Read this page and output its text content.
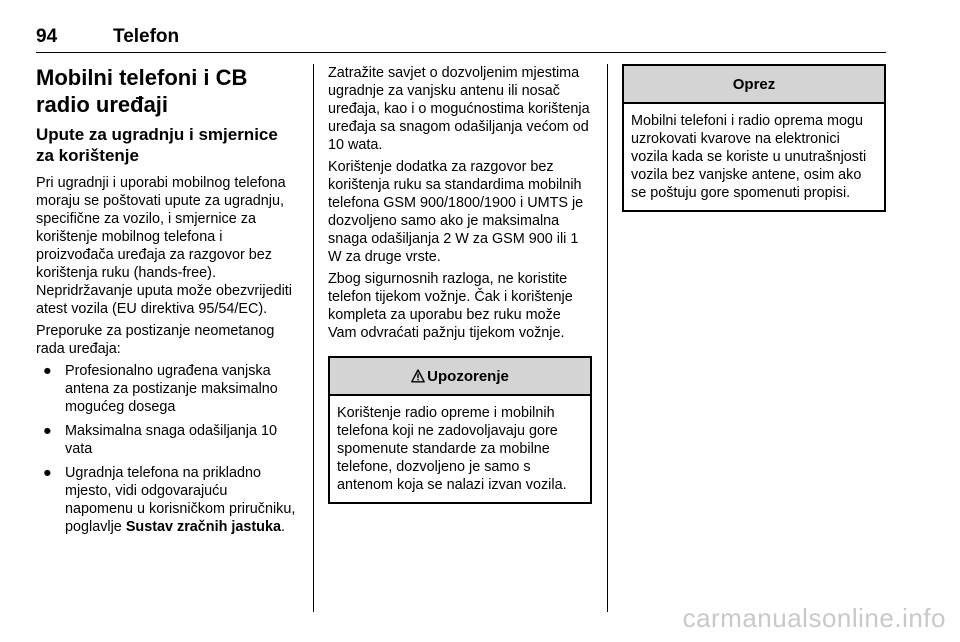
94	Telefon
Mobilni telefoni i CB radio uređaji
Upute za ugradnju i smjernice za korištenje

Pri ugradnji i uporabi mobilnog telefona moraju se poštovati upute za ugradnju, specifične za vozilo, i smjernice za korištenje mobilnog telefona i proizvođača uređaja za razgovor bez korištenja ruku (hands-free). Nepridržavanje uputa može obezvrijediti atest vozila (EU direktiva 95/54/EC).

Preporuke za postizanje neometanog rada uređaja:

● Profesionalno ugrađena vanjska antena za postizanje maksimalno mogućeg dosega
● Maksimalna snaga odašiljanja 10 vata
● Ugradnja telefona na prikladno mjesto, vidi odgovarajuću napomenu u korisničkom priručniku, poglavlje Sustav zračnih jastuka.

Zatražite savjet o dozvoljenim mjestima ugradnje za vanjsku antenu ili nosač uređaja, kao i o mogućnostima korištenja uređaja sa snagom odašiljanja većom od 10 wata.

Korištenje dodatka za razgovor bez korištenja ruku sa standardima mobilnih telefona GSM 900/1800/1900 i UMTS je dozvoljeno samo ako je maksimalna snaga odašiljanja 2 W za GSM 900 ili 1 W za druge vrste.

Zbog sigurnosnih razloga, ne koristite telefon tijekom vožnje. Čak i korištenje kompleta za uporabu bez ruku može Vam odvraćati pažnju tijekom vožnje.

Upozorenje

Korištenje radio opreme i mobilnih telefona koji ne zadovoljavaju gore spomenute standarde za mobilne telefone, dozvoljeno je samo s antenom koja se nalazi izvan vozila.

Oprez

Mobilni telefoni i radio oprema mogu uzrokovati kvarove na elektronici vozila kada se koriste u unutrašnjosti vozila bez vanjske antene, osim ako se poštuju gore spomenuti propisi.

carmanualsonline.info
